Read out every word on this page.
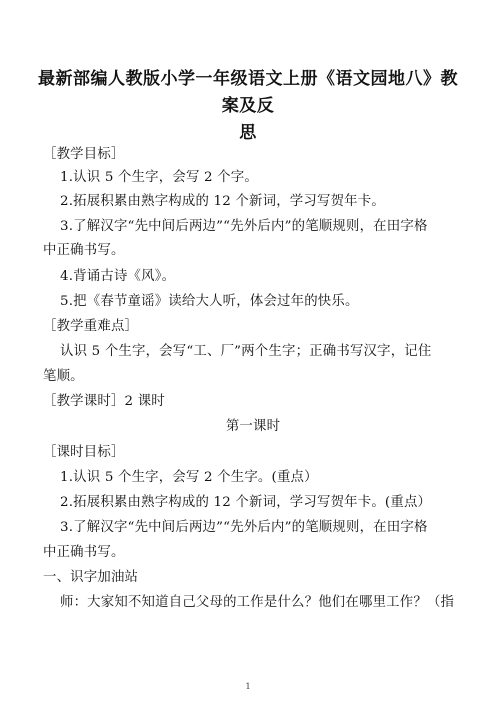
最新部编人教版小学一年级语文上册《语文园地八》教案及反
思
［教学目标］
1.认识 5 个生字，会写 2 个字。
2.拓展积累由熟字构成的 12 个新词，学习写贺年卡。
3.了解汉字“先中间后两边”“先外后内”的笔顺规则，在田字格
中正确书写。
4.背诵古诗《风》。
5.把《春节童谣》读给大人听，体会过年的快乐。
［教学重难点］
认识 5 个生字，会写“工、厂”两个生字；正确书写汉字，记住
笔顺。
［教学课时］2 课时
第一课时
［课时目标］
1.认识 5 个生字，会写 2 个生字。(重点）
2.拓展积累由熟字构成的 12 个新词，学习写贺年卡。(重点）
3.了解汉字“先中间后两边”“先外后内”的笔顺规则，在田字格
中正确书写。
一、识字加油站
师：大家知不知道自己父母的工作是什么？他们在哪里工作？（指
1
